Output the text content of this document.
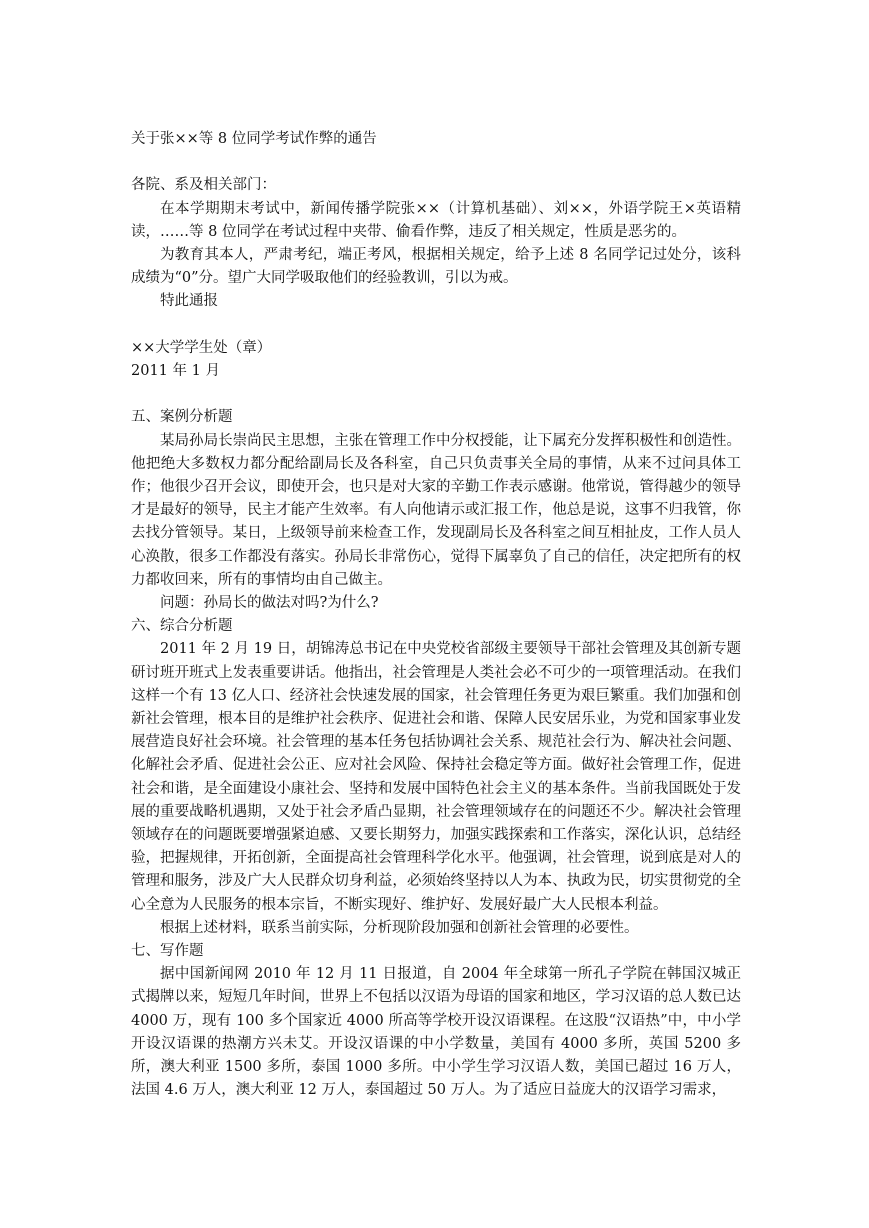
关于张××等 8 位同学考试作弊的通告
各院、系及相关部门：

在本学期期末考试中，新闻传播学院张××（计算机基础）、刘××，外语学院王×英语精读，……等 8 位同学在考试过程中夹带、偷看作弊，违反了相关规定，性质是恶劣的。

为教育其本人，严肃考纪，端正考风，根据相关规定，给予上述 8 名同学记过处分，该科成绩为“0”分。望广大同学吸取他们的经验教训，引以为戒。

特此通报
××大学学生处（章）
2011 年 1 月
五、案例分析题

某局孙局长崇尚民主思想，主张在管理工作中分权授能，让下属充分发挥积极性和创造性。他把绝大多数权力都分配给副局长及各科室，自己只负责事关全局的事情，从来不过问具体工作；他很少召开会议，即使开会，也只是对大家的辛勤工作表示感谢。他常说，管得越少的领导才是最好的领导，民主才能产生效率。有人向他请示或汇报工作，他总是说，这事不归我管，你去找分管领导。某日，上级领导前来检查工作，发现副局长及各科室之间互相扯皮，工作人员人心涣散，很多工作都没有落实。孙局长非常伤心，觉得下属辜负了自己的信任，决定把所有的权力都收回来，所有的事情均由自己做主。

问题：孙局长的做法对吗?为什么?
六、综合分析题

2011 年 2 月 19 日，胡锦涛总书记在中央党校省部级主要领导干部社会管理及其创新专题研讨班开班式上发表重要讲话。他指出，社会管理是人类社会必不可少的一项管理活动。在我们这样一个有 13 亿人口、经济社会快速发展的国家，社会管理任务更为艰巨繁重。我们加强和创新社会管理，根本目的是维护社会秩序、促进社会和谐、保障人民安居乐业，为党和国家事业发展营造良好社会环境。社会管理的基本任务包括协调社会关系、规范社会行为、解决社会问题、化解社会矛盾、促进社会公正、应对社会风险、保持社会稳定等方面。做好社会管理工作，促进社会和谐，是全面建设小康社会、坚持和发展中国特色社会主义的基本条件。当前我国既处于发展的重要战略机遇期，又处于社会矛盾凸显期，社会管理领域存在的问题还不少。解决社会管理领域存在的问题既要增强紧迫感、又要长期努力，加强实践探索和工作落实，深化认识，总结经验，把握规律，开拓创新，全面提高社会管理科学化水平。他强调，社会管理，说到底是对人的管理和服务，涉及广大人民群众切身利益，必须始终坚持以人为本、执政为民，切实贯彻党的全心全意为人民服务的根本宗旨，不断实现好、维护好、发展好最广大人民根本利益。

根据上述材料，联系当前实际，分析现阶段加强和创新社会管理的必要性。
七、写作题

据中国新闻网 2010 年 12 月 11 日报道，自 2004 年全球第一所孔子学院在韩国汉城正式揭牌以来，短短几年时间，世界上不包括以汉语为母语的国家和地区，学习汉语的总人数已达 4000 万，现有 100 多个国家近 4000 所高等学校开设汉语课程。在这股“汉语热”中，中小学开设汉语课的热潮方兴未艾。开设汉语课的中小学数量，美国有 4000 多所，英国 5200 多所，澳大利亚 1500 多所，泰国 1000 多所。中小学生学习汉语人数，美国已超过 16 万人，法国 4.6 万人，澳大利亚 12 万人，泰国超过 50 万人。为了适应日益庞大的汉语学习需求，
